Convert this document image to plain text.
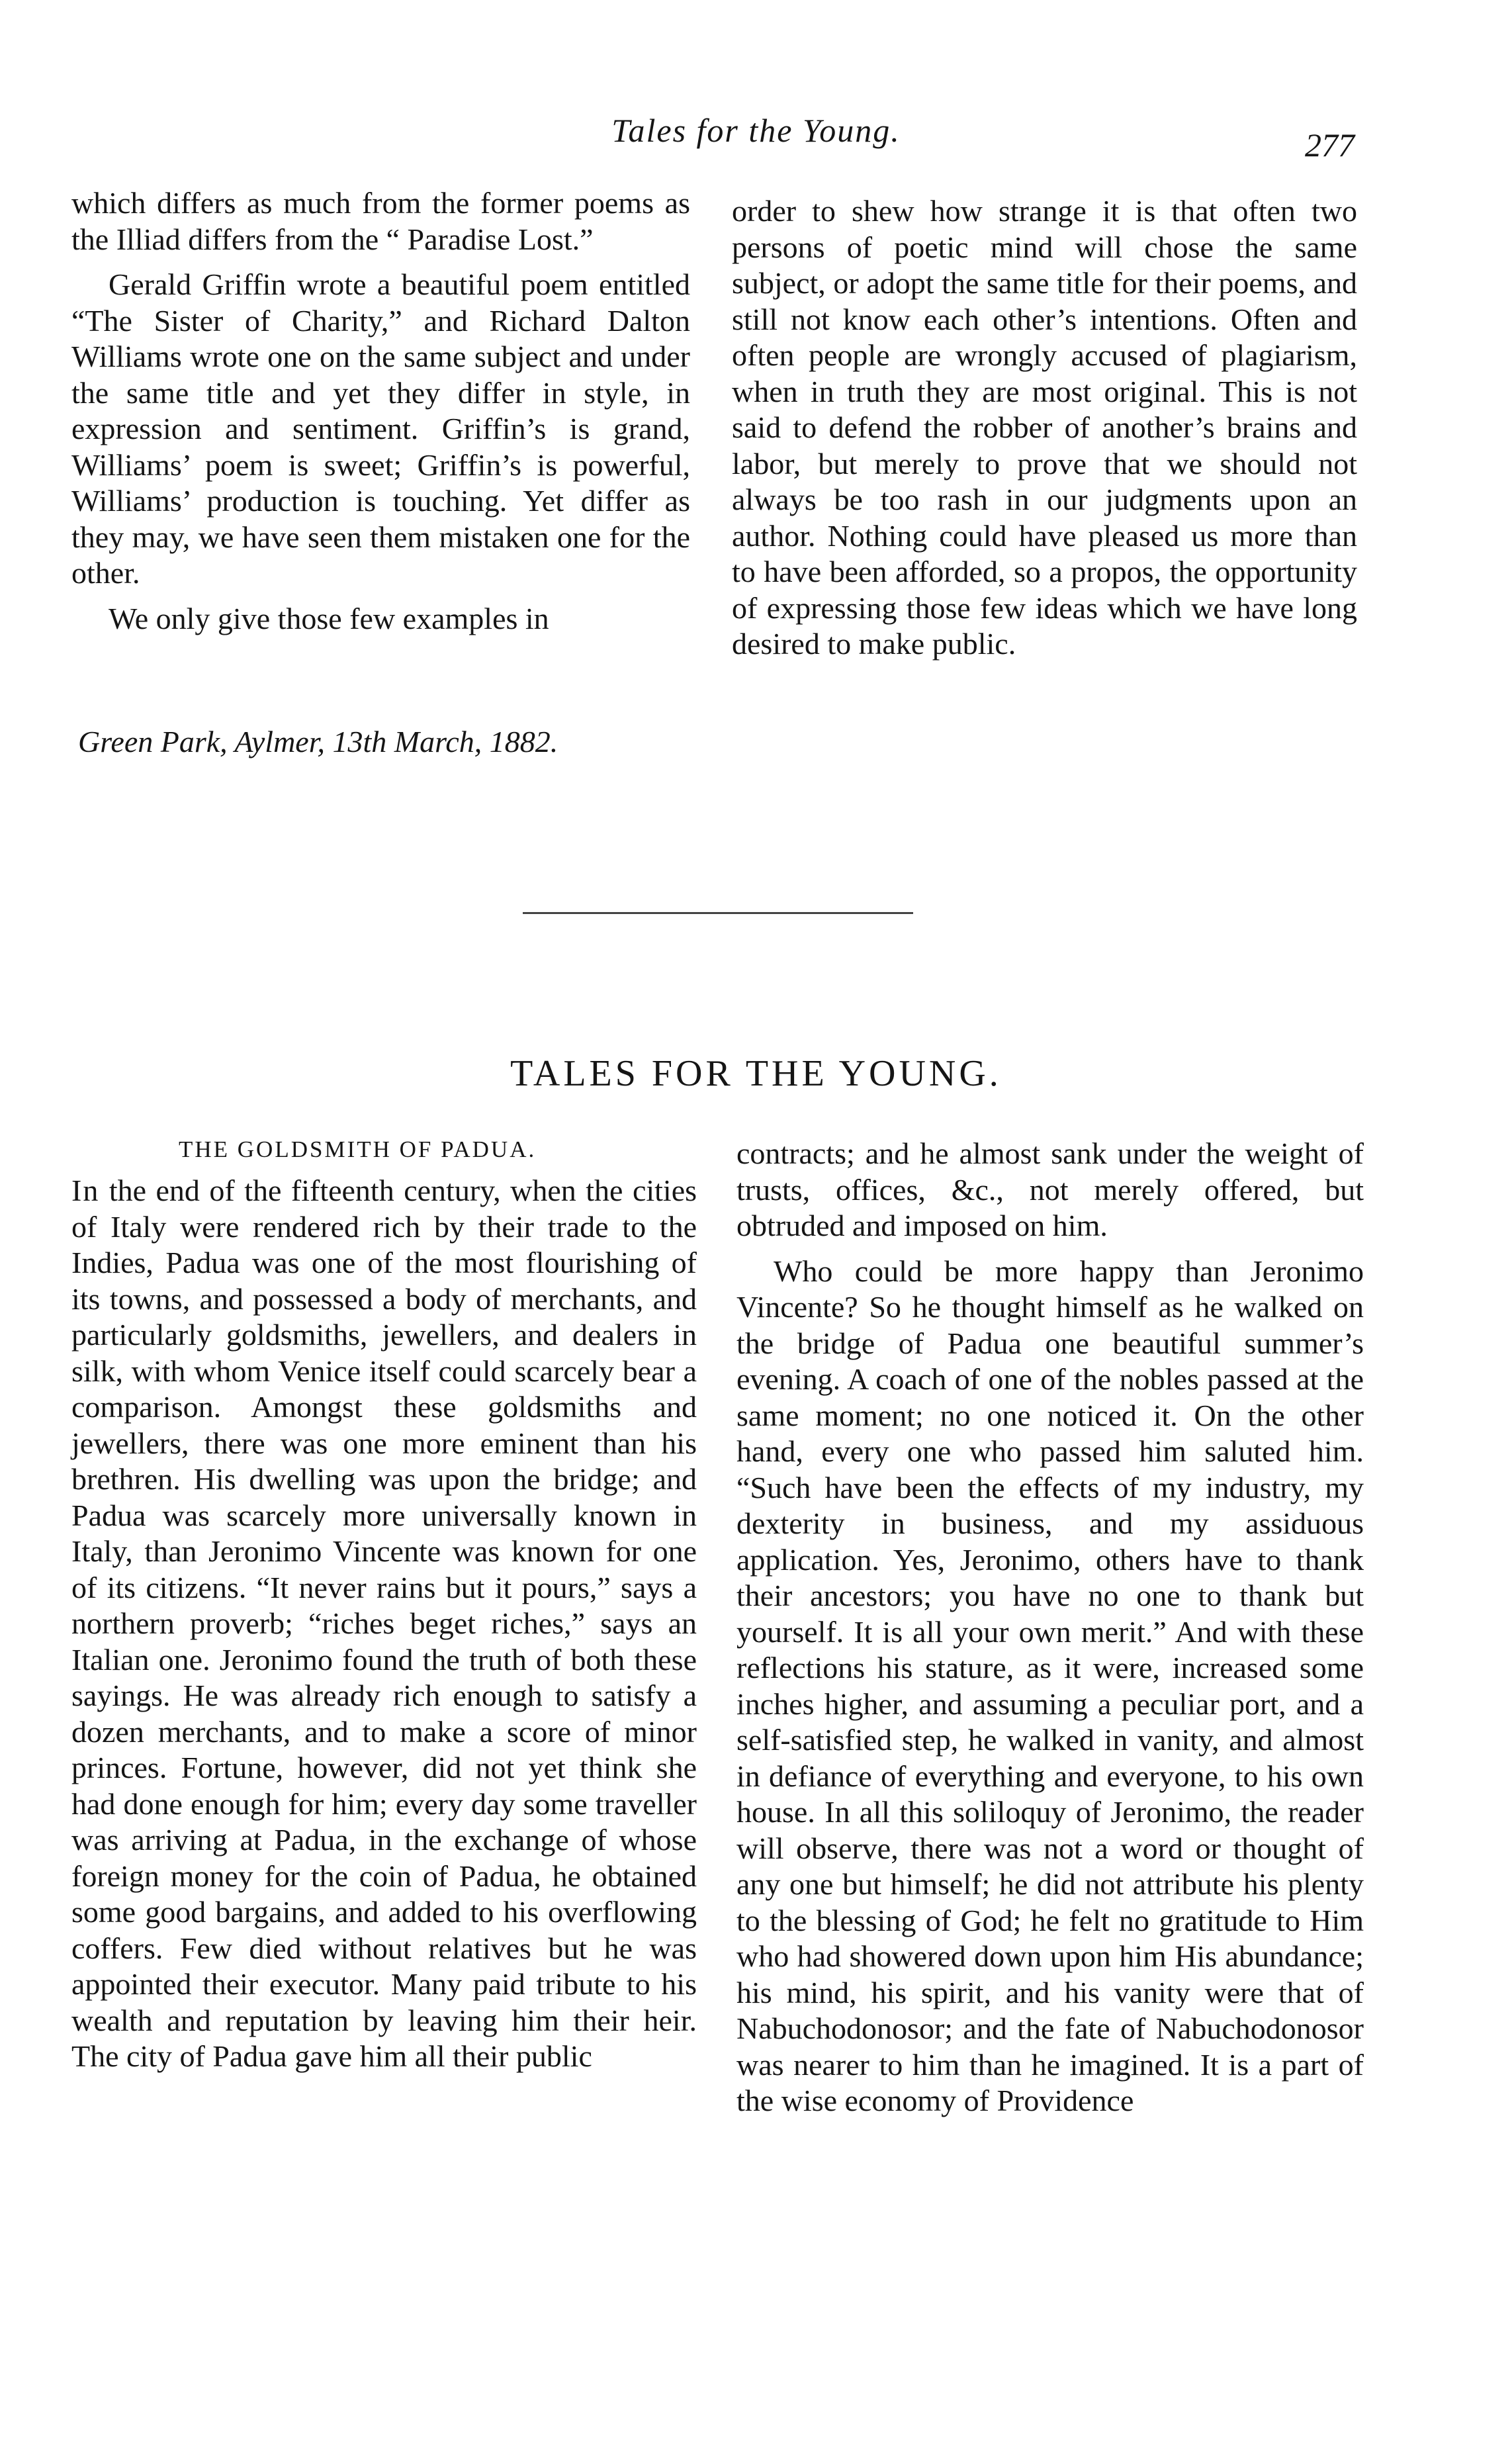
Tales for the Young.	277

which differs as much from the former poems as the Illiad differs from the “ Paradise Lost.”

Gerald Griffin wrote a beautiful poem entitled “The Sister of Charity,” and Richard Dalton Williams wrote one on the same subject and under the same title and yet they differ in style, in expression and sentiment. Griffin’s is grand, Williams’ poem is sweet; Griffin’s is powerful, Williams’ production is touching. Yet differ as they may, we have seen them mistaken one for the other.

We only give those few examples in

Green Park, Aylmer, 13th March, 1882.

order to shew how strange it is that often two persons of poetic mind will chose the same subject, or adopt the same title for their poems, and still not know each other’s intentions. Often and often people are wrongly accused of plagiarism, when in truth they are most original. This is not said to defend the robber of another’s brains and labor, but merely to prove that we should not always be too rash in our judgments upon an author. Nothing could have pleased us more than to have been afforded, so a propos, the opportunity of expressing those few ideas which we have long desired to make public.

TALES FOR THE YOUNG.
THE GOLDSMITH OF PADUA.

In the end of the fifteenth century, when the cities of Italy were rendered rich by their trade to the Indies, Padua was one of the most flourishing of its towns, and possessed a body of merchants, and particularly goldsmiths, jewellers, and dealers in silk, with whom Venice itself could scarcely bear a comparison. Amongst these goldsmiths and jewellers, there was one more eminent than his brethren. His dwelling was upon the bridge; and Padua was scarcely more universally known in Italy, than Jeronimo Vincente was known for one of its citizens. “It never rains but it pours,” says a northern proverb; “riches beget riches,” says an Italian one. Jeronimo found the truth of both these sayings. He was already rich enough to satisfy a dozen merchants, and to make a score of minor princes. Fortune, however, did not yet think she had done enough for him; every day some traveller was arriving at Padua, in the exchange of whose foreign money for the coin of Padua, he obtained some good bargains, and added to his overflowing coffers. Few died without relatives but he was appointed their executor. Many paid tribute to his wealth and reputation by leaving him their heir. The city of Padua gave him all their public

contracts; and he almost sank under the weight of trusts, offices, &c., not merely offered, but obtruded and imposed on him.

Who could be more happy than Jeronimo Vincente? So he thought himself as he walked on the bridge of Padua one beautiful summer’s evening. A coach of one of the nobles passed at the same moment; no one noticed it. On the other hand, every one who passed him saluted him. “Such have been the effects of my industry, my dexterity in business, and my assiduous application. Yes, Jeronimo, others have to thank their ancestors; you have no one to thank but yourself. It is all your own merit.” And with these reflections his stature, as it were, increased some inches higher, and assuming a peculiar port, and a self-satisfied step, he walked in vanity, and almost in defiance of everything and everyone, to his own house. In all this soliloquy of Jeronimo, the reader will observe, there was not a word or thought of any one but himself; he did not attribute his plenty to the blessing of God; he felt no gratitude to Him who had showered down upon him His abundance; his mind, his spirit, and his vanity were that of Nabuchodonosor; and the fate of Nabuchodonosor was nearer to him than he imagined. It is a part of the wise economy of Providence
